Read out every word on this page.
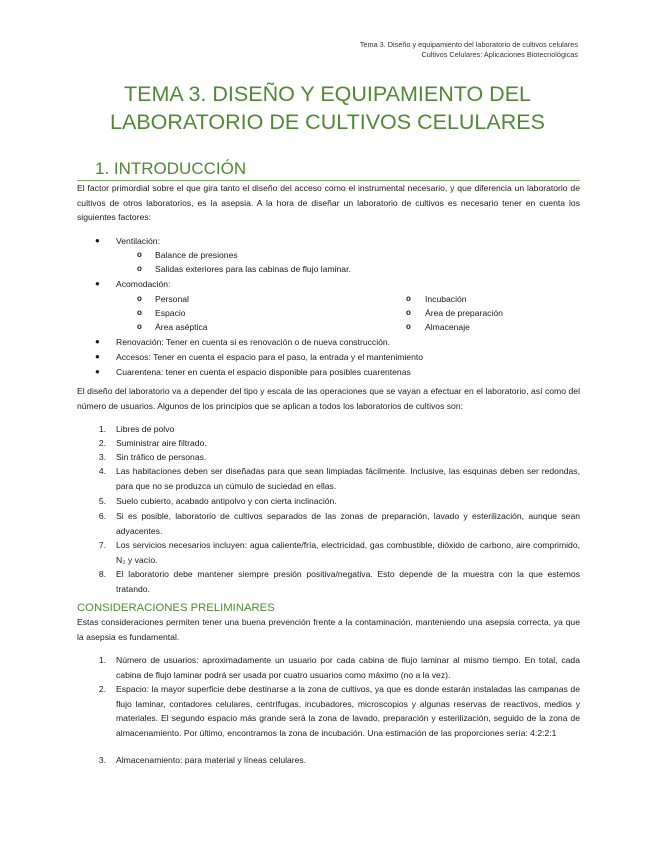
Tema 3. Diseño y equipamiento del laboratorio de cultivos celulares
Cultivos Celulares: Aplicaciones Biotecnológicas
TEMA 3. DISEÑO Y EQUIPAMIENTO DEL
LABORATORIO DE CULTIVOS CELULARES
1. INTRODUCCIÓN
El factor primordial sobre el que gira tanto el diseño del acceso como el instrumental necesario, y que diferencia un laboratorio de cultivos de otros laboratorios, es la asepsia. A la hora de diseñar un laboratorio de cultivos es necesario tener en cuenta los siguientes factores:
● Ventilación:
o Balance de presiones
o Salidas exteriores para las cabinas de flujo laminar.
● Acomodación:
o Personal
o Espacio
o Área aséptica
o Incubación
o Área de preparación
o Almacenaje
● Renovación: Tener en cuenta si es renovación o de nueva construcción.
● Accesos: Tener en cuenta el espacio para el paso, la entrada y el mantenimiento
● Cuarentena: tener en cuenta el espacio disponible para posibles cuarentenas
El diseño del laboratorio va a depender del tipo y escala de las operaciones que se vayan a efectuar en el laboratorio, así como del número de usuarios. Algunos de los principios que se aplican a todos los laboratorios de cultivos son:
1. Libres de polvo
2. Suministrar aire filtrado.
3. Sin tráfico de personas.
4. Las habitaciones deben ser diseñadas para que sean limpiadas fácilmente. Inclusive, las esquinas deben ser redondas, para que no se produzca un cúmulo de suciedad en ellas.
5. Suelo cubierto, acabado antipolvo y con cierta inclinación.
6. Si es posible, laboratorio de cultivos separados de las zonas de preparación, lavado y esterilización, aunque sean adyacentes.
7. Los servicios necesarios incluyen: agua caliente/fría, electricidad, gas combustible, dióxido de carbono, aire comprimido, N₂ y vacío.
8. El laboratorio debe mantener siempre presión positiva/negativa. Esto depende de la muestra con la que estemos tratando.
CONSIDERACIONES PRELIMINARES
Estas consideraciones permiten tener una buena prevención frente a la contaminación, manteniendo una asepsia correcta, ya que la asepsia es fundamental.
1. Número de usuarios: aproximadamente un usuario por cada cabina de flujo laminar al mismo tiempo. En total, cada cabina de flujo laminar podrá ser usada por cuatro usuarios como máximo (no a la vez).
2. Espacio: la mayor superficie debe destinarse a la zona de cultivos, ya que es donde estarán instaladas las campanas de flujo laminar, contadores celulares, centrífugas, incubadores, microscopios y algunas reservas de reactivos, medios y materiales. El segundo espacio más grande será la zona de lavado, preparación y esterilización, seguido de la zona de almacenamiento. Por último, encontramos la zona de incubación. Una estimación de las proporciones sería: 4:2:2:1
3. Almacenamiento: para material y líneas celulares.
